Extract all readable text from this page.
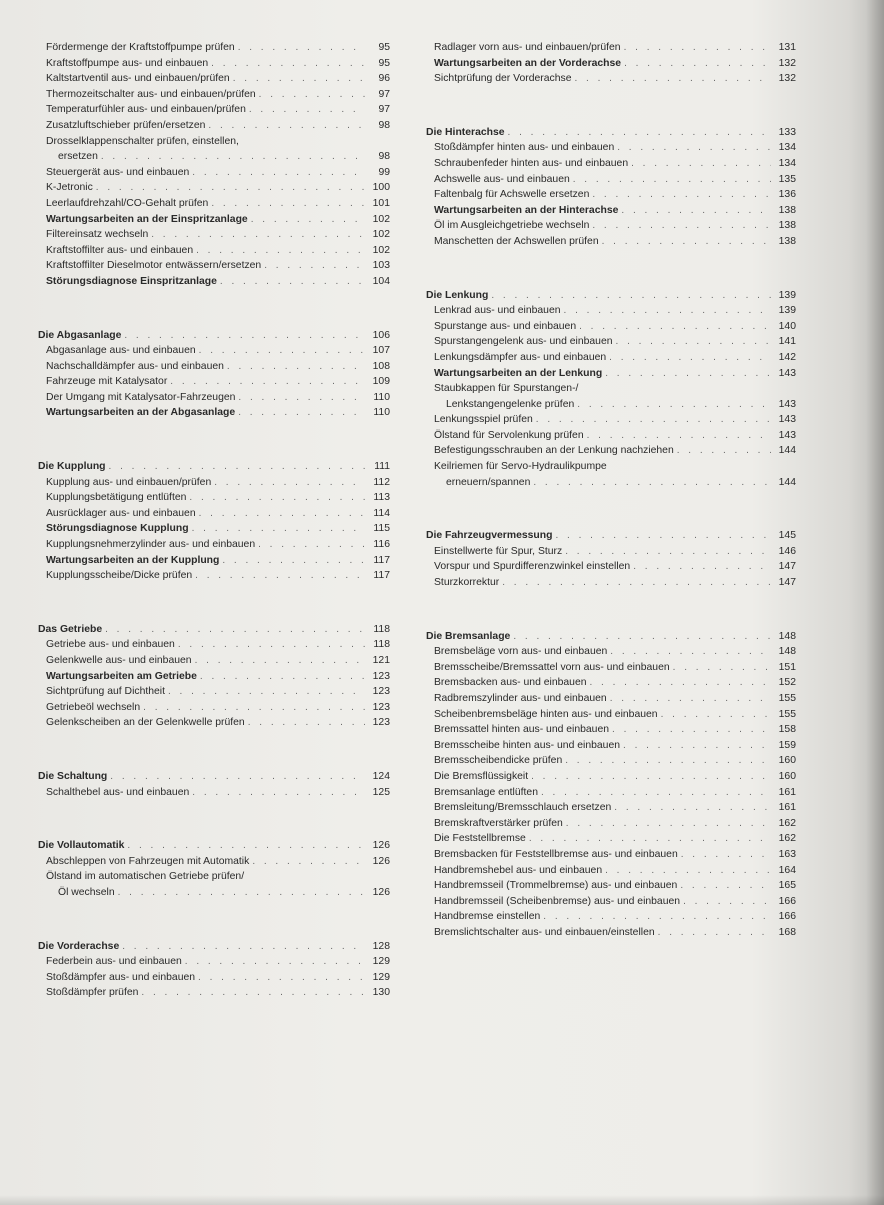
Fördermenge der Kraftstoffpumpe prüfen . . .	95
Kraftstoffpumpe aus- und einbauen . . .	95
Kaltstartventil aus- und einbauen/prüfen . . .	96
Thermozeitschalter aus- und einbauen/prüfen . . .	97
Temperaturfühler aus- und einbauen/prüfen . . .	97
Zusatzluftschieber prüfen/ersetzen . . .	98
Drosselklappenschalter prüfen, einstellen,
ersetzen . . .	98
Steuergerät aus- und einbauen . . .	99
K-Jetronic . . .	100
Leerlaufdrehzahl/CO-Gehalt prüfen . . .	101
Wartungsarbeiten an der Einspritzanlage . . .	102
Filtereinsatz wechseln . . .	102
Kraftstoffilter aus- und einbauen . . .	102
Kraftstoffilter Dieselmotor entwässern/ersetzen . . .	103
Störungsdiagnose Einspritzanlage . . .	104
Die Abgasanlage . . .	106
Abgasanlage aus- und einbauen . . .	107
Nachschalldämpfer aus- und einbauen . . .	108
Fahrzeuge mit Katalysator . . .	109
Der Umgang mit Katalysator-Fahrzeugen . . .	110
Wartungsarbeiten an der Abgasanlage . . .	110
Die Kupplung . . .	111
Kupplung aus- und einbauen/prüfen . . .	112
Kupplungsbetätigung entlüften . . .	113
Ausrücklager aus- und einbauen . . .	114
Störungsdiagnose Kupplung . . .	115
Kupplungsnehmerzylinder aus- und einbauen . . .	116
Wartungsarbeiten an der Kupplung . . .	117
Kupplungsscheibe/Dicke prüfen . . .	117
Das Getriebe . . .	118
Getriebe aus- und einbauen . . .	118
Gelenkwelle aus- und einbauen . . .	121
Wartungsarbeiten am Getriebe . . .	123
Sichtprüfung auf Dichtheit . . .	123
Getriebeöl wechseln . . .	123
Gelenkscheiben an der Gelenkwelle prüfen . . .	123
Die Schaltung . . .	124
Schalthebel aus- und einbauen . . .	125
Die Vollautomatik . . .	126
Abschleppen von Fahrzeugen mit Automatik . . .	126
Ölstand im automatischen Getriebe prüfen/
Öl wechseln . . .	126
Die Vorderachse . . .	128
Federbein aus- und einbauen . . .	129
Stoßdämpfer aus- und einbauen . . .	129
Stoßdämpfer prüfen . . .	130
Radlager vorn aus- und einbauen/prüfen . . .	131
Wartungsarbeiten an der Vorderachse . . .	132
Sichtprüfung der Vorderachse . . .	132
Die Hinterachse . . .	133
Stoßdämpfer hinten aus- und einbauen . . .	134
Schraubenfeder hinten aus- und einbauen . . .	134
Achswelle aus- und einbauen . . .	135
Faltenbalg für Achswelle ersetzen . . .	136
Wartungsarbeiten an der Hinterachse . . .	138
Öl im Ausgleichgetriebe wechseln . . .	138
Manschetten der Achswellen prüfen . . .	138
Die Lenkung . . .	139
Lenkrad aus- und einbauen . . .	139
Spurstange aus- und einbauen . . .	140
Spurstangengelenk aus- und einbauen . . .	141
Lenkungsdämpfer aus- und einbauen . . .	142
Wartungsarbeiten an der Lenkung . . .	143
Staubkappen für Spurstangen-/
Lenkstangengelenke prüfen . . .	143
Lenkungsspiel prüfen . . .	143
Ölstand für Servolenkung prüfen . . .	143
Befestigungsschrauben an der Lenkung nachziehen . . .	144
Keilriemen für Servo-Hydraulikpumpe
erneuern/spannen . . .	144
Die Fahrzeugvermessung . . .	145
Einstellwerte für Spur, Sturz . . .	146
Vorspur und Spurdifferenzwinkel einstellen . . .	147
Sturzkorrektur . . .	147
Die Bremsanlage . . .	148
Bremsbeläge vorn aus- und einbauen . . .	148
Bremsscheibe/Bremssattel vorn aus- und einbauen . . .	151
Bremsbacken aus- und einbauen . . .	152
Radbremszylinder aus- und einbauen . . .	155
Scheibenbremsbeläge hinten aus- und einbauen . . .	155
Bremssattel hinten aus- und einbauen . . .	158
Bremsscheibe hinten aus- und einbauen . . .	159
Bremsscheibendicke prüfen . . .	160
Die Bremsflüssigkeit . . .	160
Bremsanlage entlüften . . .	161
Bremsleitung/Bremsschlauch ersetzen . . .	161
Bremskraftverstärker prüfen . . .	162
Die Feststellbremse . . .	162
Bremsbacken für Feststellbremse aus- und einbauen . . .	163
Handbremshebel aus- und einbauen . . .	164
Handbremsseil (Trommelbremse) aus- und einbauen . . .	165
Handbremsseil (Scheibenbremse) aus- und einbauen . . .	166
Handbremse einstellen . . .	166
Bremslichtschalter aus- und einbauen/einstellen . . .	168
